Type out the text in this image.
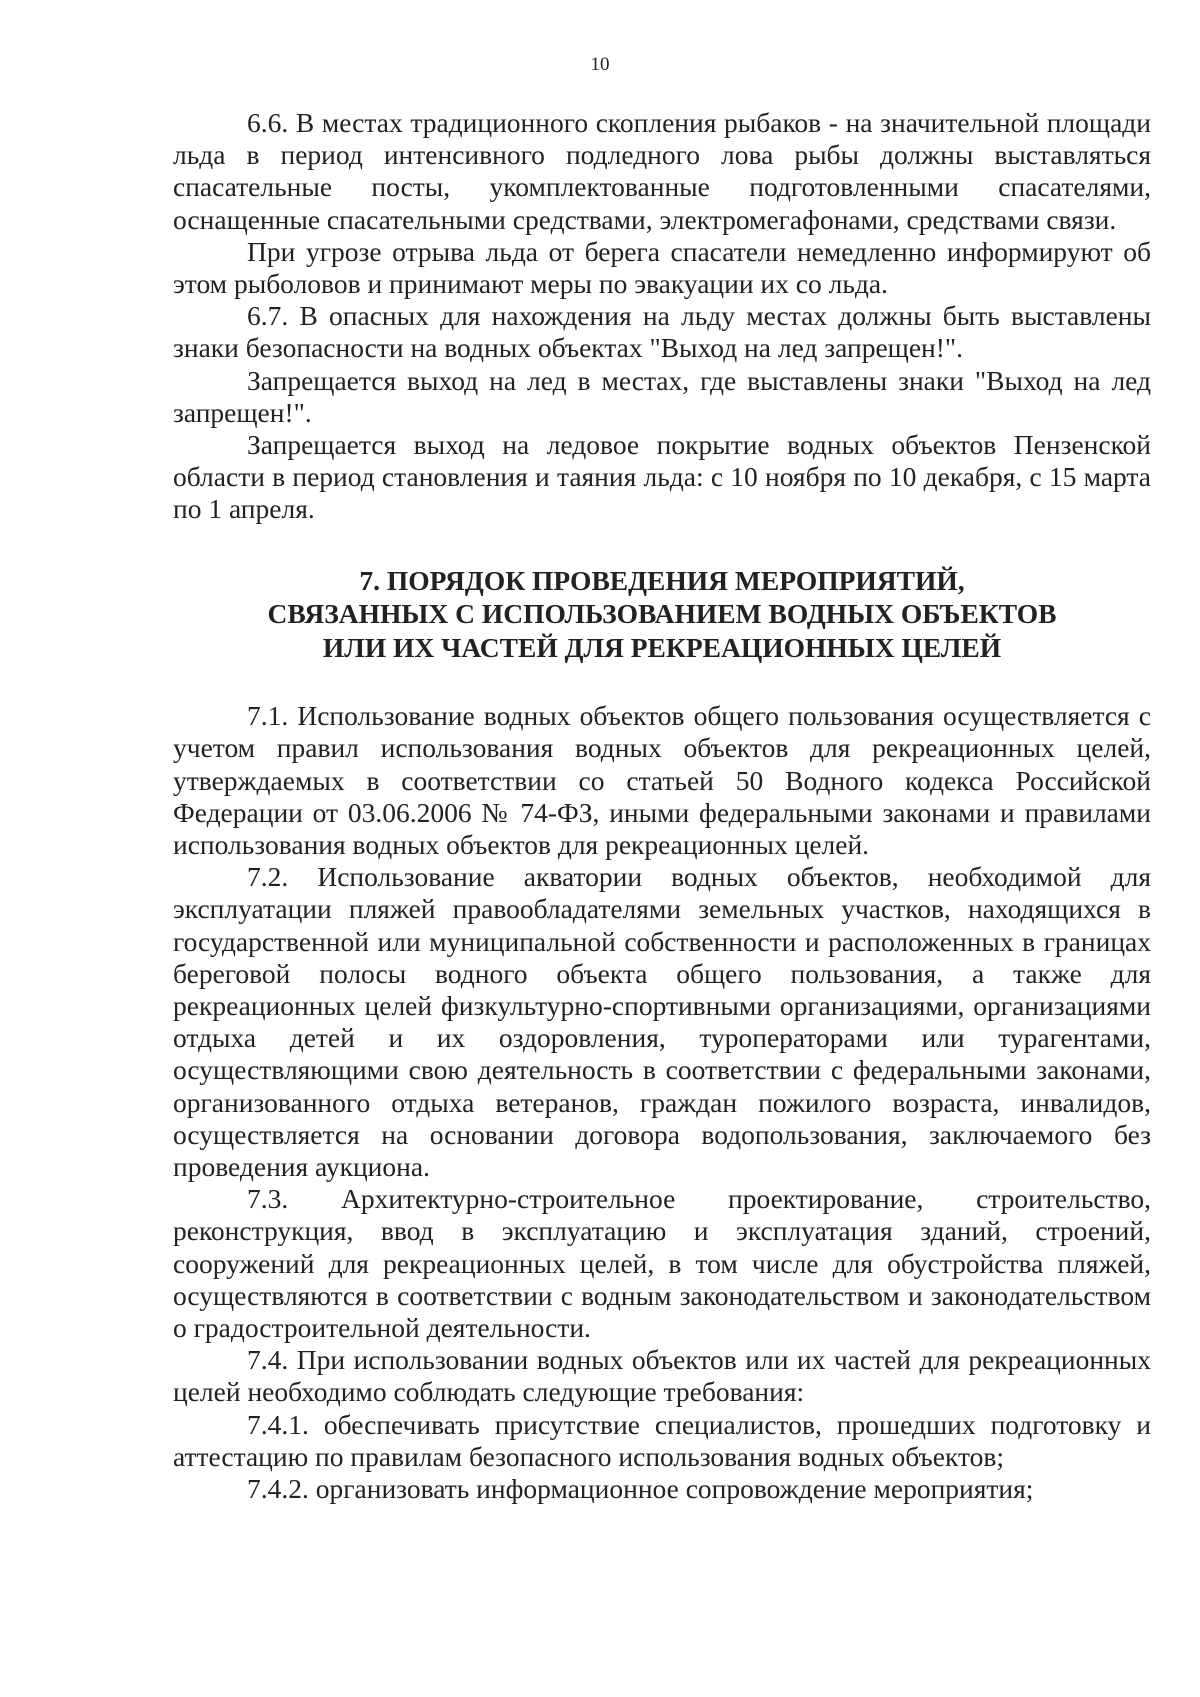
10

6.6. В местах традиционного скопления рыбаков - на значительной площади льда в период интенсивного подледного лова рыбы должны выставляться спасательные посты, укомплектованные подготовленными спасателями, оснащенные спасательными средствами, электромегафонами, средствами связи.

При угрозе отрыва льда от берега спасатели немедленно информируют об этом рыболовов и принимают меры по эвакуации их со льда.

6.7. В опасных для нахождения на льду местах должны быть выставлены знаки безопасности на водных объектах "Выход на лед запрещен!".

Запрещается выход на лед в местах, где выставлены знаки "Выход на лед запрещен!".

Запрещается выход на ледовое покрытие водных объектов Пензенской области в период становления и таяния льда: с 10 ноября по 10 декабря, с 15 марта по 1 апреля.

7. ПОРЯДОК ПРОВЕДЕНИЯ МЕРОПРИЯТИЙ,
СВЯЗАННЫХ С ИСПОЛЬЗОВАНИЕМ ВОДНЫХ ОБЪЕКТОВ
ИЛИ ИХ ЧАСТЕЙ ДЛЯ РЕКРЕАЦИОННЫХ ЦЕЛЕЙ

7.1. Использование водных объектов общего пользования осуществляется с учетом правил использования водных объектов для рекреационных целей, утверждаемых в соответствии со статьей 50 Водного кодекса Российской Федерации от 03.06.2006 № 74-ФЗ, иными федеральными законами и правилами использования водных объектов для рекреационных целей.

7.2. Использование акватории водных объектов, необходимой для эксплуатации пляжей правообладателями земельных участков, находящихся в государственной или муниципальной собственности и расположенных в границах береговой полосы водного объекта общего пользования, а также для рекреационных целей физкультурно-спортивными организациями, организациями отдыха детей и их оздоровления, туроператорами или турагентами, осуществляющими свою деятельность в соответствии с федеральными законами, организованного отдыха ветеранов, граждан пожилого возраста, инвалидов, осуществляется на основании договора водопользования, заключаемого без проведения аукциона.

7.3. Архитектурно-строительное проектирование, строительство, реконструкция, ввод в эксплуатацию и эксплуатация зданий, строений, сооружений для рекреационных целей, в том числе для обустройства пляжей, осуществляются в соответствии с водным законодательством и законодательством о градостроительной деятельности.

7.4. При использовании водных объектов или их частей для рекреационных целей необходимо соблюдать следующие требования:

7.4.1. обеспечивать присутствие специалистов, прошедших подготовку и аттестацию по правилам безопасного использования водных объектов;

7.4.2. организовать информационное сопровождение мероприятия;
